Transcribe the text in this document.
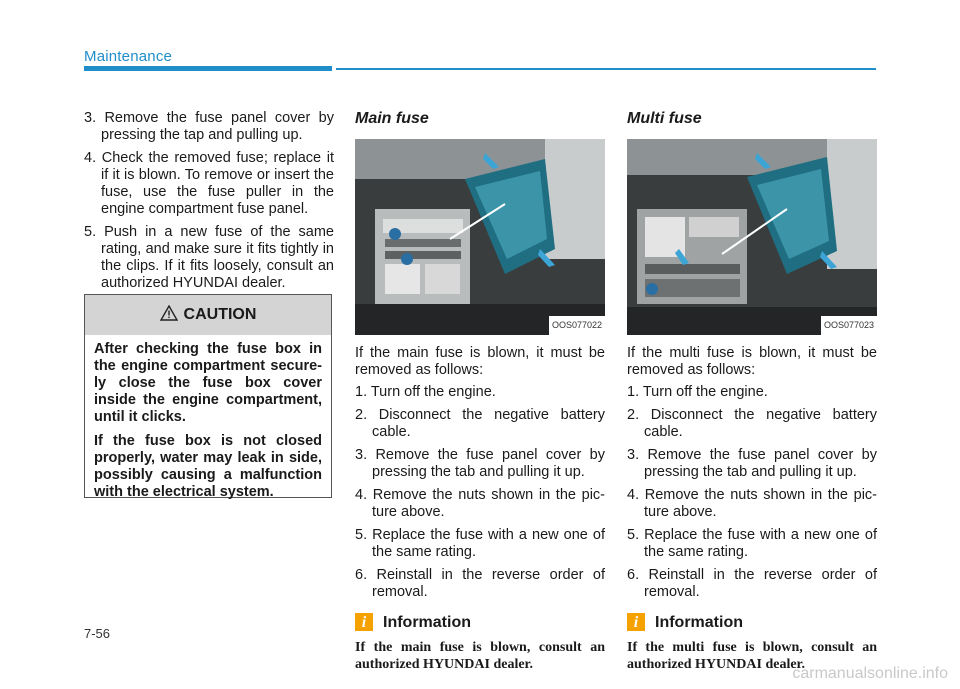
Maintenance

3. Remove the fuse panel cover by pressing the tap and pulling up.

4. Check the removed fuse; replace it if it is blown. To remove or insert the fuse, use the fuse puller in the engine compartment fuse panel.

5. Push in a new fuse of the same rating, and make sure it fits tightly in the clips. If it fits loosely, consult an authorized HYUNDAI dealer.

CAUTION

After checking the fuse box in the engine compartment secure-ly close the fuse box cover inside the engine compartment, until it clicks.

If the fuse box is not closed properly, water may leak in side, possibly causing a malfunction with the electrical system.

Main fuse
OOS077022

If the main fuse is blown, it must be removed as follows:

1. Turn off the engine.

2. Disconnect the negative battery cable.

3. Remove the fuse panel cover by pressing the tab and pulling it up.

4. Remove the nuts shown in the pic-ture above.

5. Replace the fuse with a new one of the same rating.

6. Reinstall in the reverse order of removal.

i	Information

If the main fuse is blown, consult an authorized HYUNDAI dealer.

Multi fuse
OOS077023

If the multi fuse is blown, it must be removed as follows:

1. Turn off the engine.

2. Disconnect the negative battery cable.

3. Remove the fuse panel cover by pressing the tab and pulling it up.

4. Remove the nuts shown in the pic-ture above.

5. Replace the fuse with a new one of the same rating.

6. Reinstall in the reverse order of removal.

i	Information

If the multi fuse is blown, consult an authorized HYUNDAI dealer.

7-56
carmanualsonline.info
